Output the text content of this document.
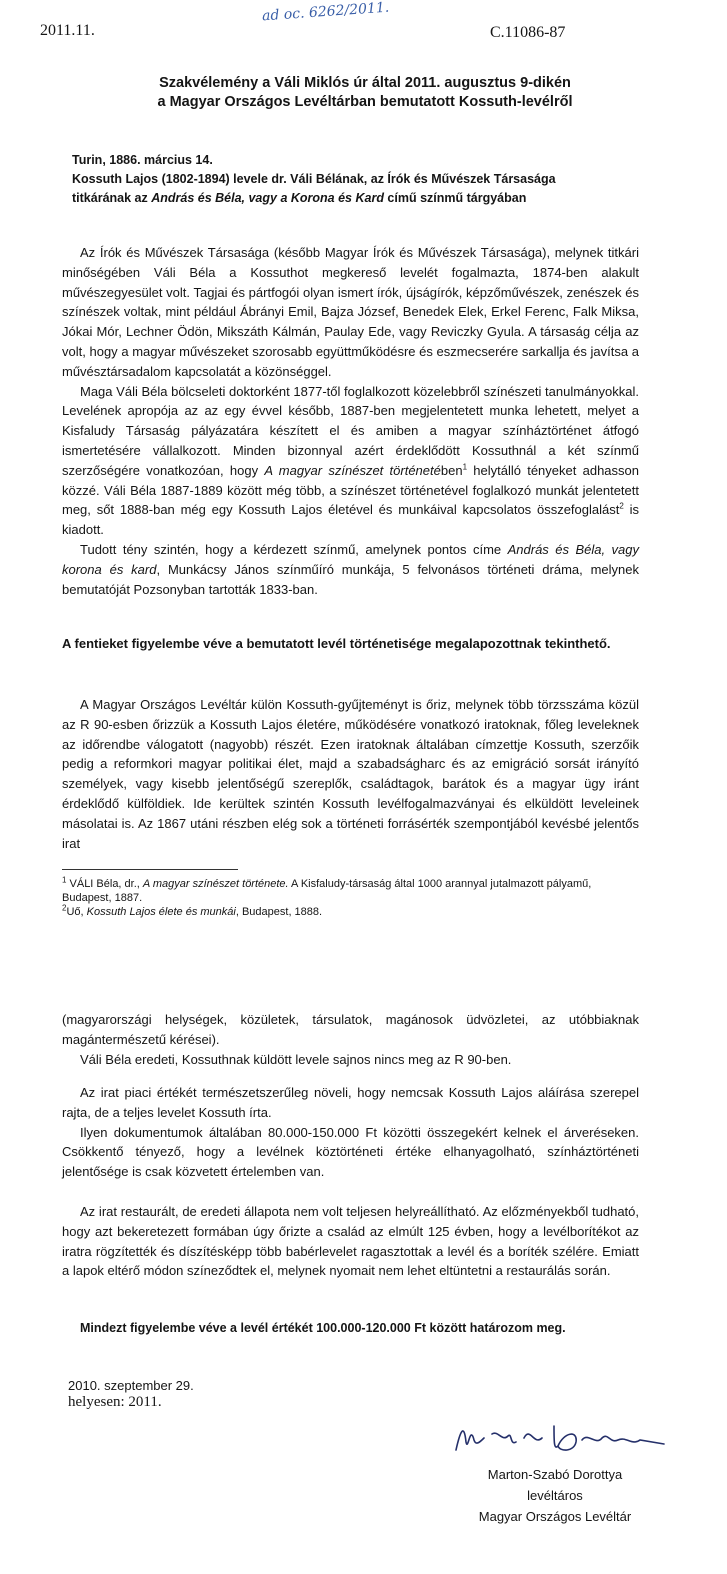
2011.11.
ad oc. 6262/2011.
C.11086-87
Szakvélemény a Váli Miklós úr által 2011. augusztus 9-dikén
a Magyar Országos Levéltárban bemutatott Kossuth-levélről
Turin, 1886. március 14.
Kossuth Lajos (1802-1894) levele dr. Váli Bélának, az Írók és Művészek Társasága
titkárának az András és Béla, vagy a Korona és Kard című színmű tárgyában

Az Írók és Művészek Társasága (később Magyar Írók és Művészek Társasága), melynek titkári minőségében Váli Béla a Kossuthot megkereső levelét fogalmazta, 1874-ben alakult művészegyesület volt. Tagjai és pártfogói olyan ismert írók, újságírók, képzőművészek, zenészek és színészek voltak, mint például Ábrányi Emil, Bajza József, Benedek Elek, Erkel Ferenc, Falk Miksa, Jókai Mór, Lechner Ödön, Mikszáth Kálmán, Paulay Ede, vagy Reviczky Gyula. A társaság célja az volt, hogy a magyar művészeket szorosabb együttműködésre és eszmecserére sarkallja és javítsa a művésztársadalom kapcsolatát a közönséggel.

Maga Váli Béla bölcseleti doktorként 1877-től foglalkozott közelebbről színészeti tanulmányokkal. Levelének apropója az az egy évvel később, 1887-ben megjelentetett munka lehetett, melyet a Kisfaludy Társaság pályázatára készített el és amiben a magyar színháztörténet átfogó ismertetésére vállalkozott. Minden bizonnyal azért érdeklődött Kossuthnál a két színmű szerzőségére vonatkozóan, hogy A magyar színészet történetében$^1$ helytálló tényeket adhasson közzé. Váli Béla 1887-1889 között még több, a színészet történetével foglalkozó munkát jelentetett meg, sőt 1888-ban még egy Kossuth Lajos életével és munkáival kapcsolatos összefoglalást$^2$ is kiadott.

Tudott tény szintén, hogy a kérdezett színmű, amelynek pontos címe András és Béla, vagy korona és kard, Munkácsy János színműíró munkája, 5 felvonásos történeti dráma, melynek bemutatóját Pozsonyban tartották 1833-ban.

A fentieket figyelembe véve a bemutatott levél történetisége megalapozottnak tekinthető.

A Magyar Országos Levéltár külön Kossuth-gyűjteményt is őriz, melynek több törzsszáma közül az R 90-esben őrizzük a Kossuth Lajos életére, működésére vonatkozó iratoknak, főleg leveleknek az időrendbe válogatott (nagyobb) részét. Ezen iratoknak általában címzettje Kossuth, szerzőik pedig a reformkori magyar politikai élet, majd a szabadságharc és az emigráció sorsát irányító személyek, vagy kisebb jelentőségű szereplők, családtagok, barátok és a magyar ügy iránt érdeklődő külföldiek. Ide kerültek szintén Kossuth levélfogalmazványai és elküldött leveleinek másolatai is. Az 1867 utáni részben elég sok a történeti forrásérték szempontjából kevésbé jelentős irat

$^1$ VÁLI Béla, dr., A magyar színészet története. A Kisfaludy-társaság által 1000 arannyal jutalmazott pályamű, Budapest, 1887.
$^2$Uő, Kossuth Lajos élete és munkái, Budapest, 1888.

(magyarországi helységek, közületek, társulatok, magánosok üdvözletei, az utóbbiaknak magántermészetű kérései).

Váli Béla eredeti, Kossuthnak küldött levele sajnos nincs meg az R 90-ben.

Az irat piaci értékét természetszerűleg növeli, hogy nemcsak Kossuth Lajos aláírása szerepel rajta, de a teljes levelet Kossuth írta.

Ilyen dokumentumok általában 80.000-150.000 Ft közötti összegekért kelnek el árveréseken. Csökkentő tényező, hogy a levélnek köztörténeti értéke elhanyagolható, színháztörténeti jelentősége is csak közvetett értelemben van.

Az irat restaurált, de eredeti állapota nem volt teljesen helyreállítható. Az előzményekből tudható, hogy azt bekeretezett formában úgy őrizte a család az elmúlt 125 évben, hogy a levélborítékot az iratra rögzítették és díszítésképp több babérlevelet ragasztottak a levél és a boríték szélére. Emiatt a lapok eltérő módon színeződtek el, melynek nyomait nem lehet eltüntetni a restaurálás során.

Mindezt figyelembe véve a levél értékét 100.000-120.000 Ft között határozom meg.
2010. szeptember 29.
helyesen: 2011.
Marton-Szabó Dorottya
levéltáros
Magyar Országos Levéltár
